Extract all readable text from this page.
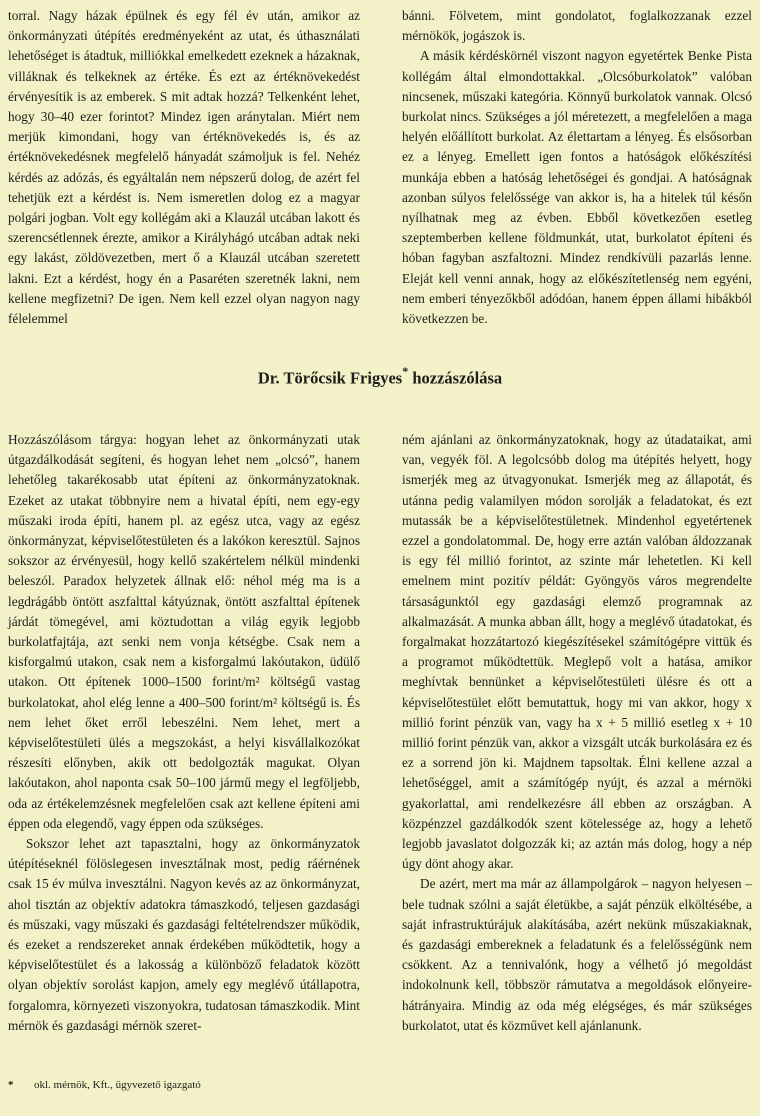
torral. Nagy házak épülnek és egy fél év után, amikor az önkormányzati útépítés eredményeként az utat, és úthasználati lehetőséget is átadtuk, milliókkal emelkedett ezeknek a házaknak, villáknak és telkeknek az értéke. És ezt az értéknövekedést érvényesítik is az emberek. S mit adtak hozzá? Telkenként lehet, hogy 30–40 ezer forintot? Mindez igen aránytalan. Miért nem merjük kimondani, hogy van értéknövekedés is, és az értéknövekedésnek megfelelő hányadát számoljuk is fel. Nehéz kérdés az adózás, és egyáltalán nem népszerű dolog, de azért fel tehetjük ezt a kérdést is. Nem ismeretlen dolog ez a magyar polgári jogban. Volt egy kollégám aki a Klauzál utcában lakott és szerencsétlennek érezte, amikor a Királyhágó utcában adtak neki egy lakást, zöldövezetben, mert ő a Klauzál utcában szeretett lakni. Ezt a kérdést, hogy én a Pasaréten szeretnék lakni, nem kellene megfizetni? De igen. Nem kell ezzel olyan nagyon nagy félelemmel

bánni. Fölvetem, mint gondolatot, foglalkozzanak ezzel mérnökök, jogászok is.

A másik kérdéskörnél viszont nagyon egyetértek Benke Pista kollégám által elmondottakkal. „Olcsóburkolatok” valóban nincsenek, műszaki kategória. Könnyű burkolatok vannak. Olcsó burkolat nincs. Szükséges a jól méretezett, a megfelelően a maga helyén előállított burkolat. Az élettartam a lényeg. És elsősorban ez a lényeg. Emellett igen fontos a hatóságok előkészítési munkája ebben a hatóság lehetőségei és gondjai. A hatóságnak azonban súlyos felelőssége van akkor is, ha a hitelek túl későn nyílhatnak meg az évben. Ebből következően esetleg szeptemberben kellene földmunkát, utat, burkolatot építeni és hóban fagyban aszfaltozni. Mindez rendkívüli pazarlás lenne. Eleját kell venni annak, hogy az előkészítetlenség nem egyéni, nem emberi tényezőkből adódóan, hanem éppen állami hibákból következzen be.

Dr. Törőcsik Frigyes* hozzászólása

Hozzászólásom tárgya: hogyan lehet az önkormányzati utak útgazdálkodását segíteni, és hogyan lehet nem „olcsó”, hanem lehetőleg takarékosabb utat építeni az önkormányzatoknak. Ezeket az utakat többnyire nem a hivatal építi, nem egy-egy műszaki iroda építi, hanem pl. az egész utca, vagy az egész önkormányzat, képviselőtestületen és a lakókon keresztül. Sajnos sokszor az érvényesül, hogy kellő szakértelem nélkül mindenki beleszól. Paradox helyzetek állnak elő: néhol még ma is a legdrágább öntött aszfalttal kátyúznak, öntött aszfalttal építenek járdát tömegével, ami köztudottan a világ egyik legjobb burkolatfajtája, azt senki nem vonja kétségbe. Csak nem a kisforgalmú utakon, csak nem a kisforgalmú lakóutakon, üdülő utakon. Ott építenek 1000–1500 forint/m² költségű vastag burkolatokat, ahol elég lenne a 400–500 forint/m² költségű is. És nem lehet őket erről lebeszélni. Nem lehet, mert a képviselőtestületi ülés a megszokást, a helyi kisvállalkozókat részesíti előnyben, akik ott bedolgozták magukat. Olyan lakóutakon, ahol naponta csak 50–100 jármű megy el legföljebb, oda az értékelemzésnek megfelelően csak azt kellene építeni ami éppen oda elegendő, vagy éppen oda szükséges.

Sokszor lehet azt tapasztalni, hogy az önkormányzatok útépítéseknél fölöslegesen invesztálnak most, pedig ráérnének csak 15 év múlva invesztálni. Nagyon kevés az az önkormányzat, ahol tisztán az objektív adatokra támaszkodó, teljesen gazdasági és műszaki, vagy műszaki és gazdasági feltételrendszer működik, és ezeket a rendszereket annak érdekében működtetik, hogy a képviselőtestület és a lakosság a különböző feladatok között olyan objektív sorolást kapjon, amely egy meglévő útállapotra, forgalomra, környezeti viszonyokra, tudatosan támaszkodik. Mint mérnök és gazdasági mérnök szeret-

ném ajánlani az önkormányzatoknak, hogy az útadataikat, ami van, vegyék föl. A legolcsóbb dolog ma útépítés helyett, hogy ismerjék meg az útvagyonukat. Ismerjék meg az állapotát, és utánna pedig valamilyen módon sorolják a feladatokat, és ezt mutassák be a képviselőtestületnek. Mindenhol egyetértenek ezzel a gondolatommal. De, hogy erre aztán valóban áldozzanak is egy fél millió forintot, az szinte már lehetetlen. Ki kell emelnem mint pozitív példát: Gyöngyös város megrendelte társaságunktól egy gazdasági elemző programnak az alkalmazását. A munka abban állt, hogy a meglévő útadatokat, és forgalmakat hozzátartozó kiegészítésekel számítógépre vittük és a programot működtettük. Meglepő volt a hatása, amikor meghívtak bennünket a képviselőtestületi ülésre és ott a képviselőtestület előtt bemutattuk, hogy mi van akkor, hogy x millió forint pénzük van, vagy ha x + 5 millió esetleg x + 10 millió forint pénzük van, akkor a vizsgált utcák burkolására ez és ez a sorrend jön ki. Majdnem tapsoltak. Élni kellene azzal a lehetőséggel, amit a számítógép nyújt, és azzal a mérnöki gyakorlattal, ami rendelkezésre áll ebben az országban. A közpénzzel gazdálkodók szent kötelessége az, hogy a lehető legjobb javaslatot dolgozzák ki; az aztán más dolog, hogy a nép úgy dönt ahogy akar.

De azért, mert ma már az állampolgárok – nagyon helyesen – bele tudnak szólni a saját életükbe, a saját pénzük elköltésébe, a saját infrastruktúrájuk alakításába, azért nekünk műszakiaknak, és gazdasági embereknek a feladatunk és a felelősségünk nem csökkent. Az a tennivalónk, hogy a vélhető jó megoldást indokolnunk kell, többször rámutatva a megoldások előnyeire-hátrányaira. Mindig az oda még elégséges, és már szükséges burkolatot, utat és közművet kell ajánlanunk.

* okl. mérnök, Kft., ügyvezető igazgató
